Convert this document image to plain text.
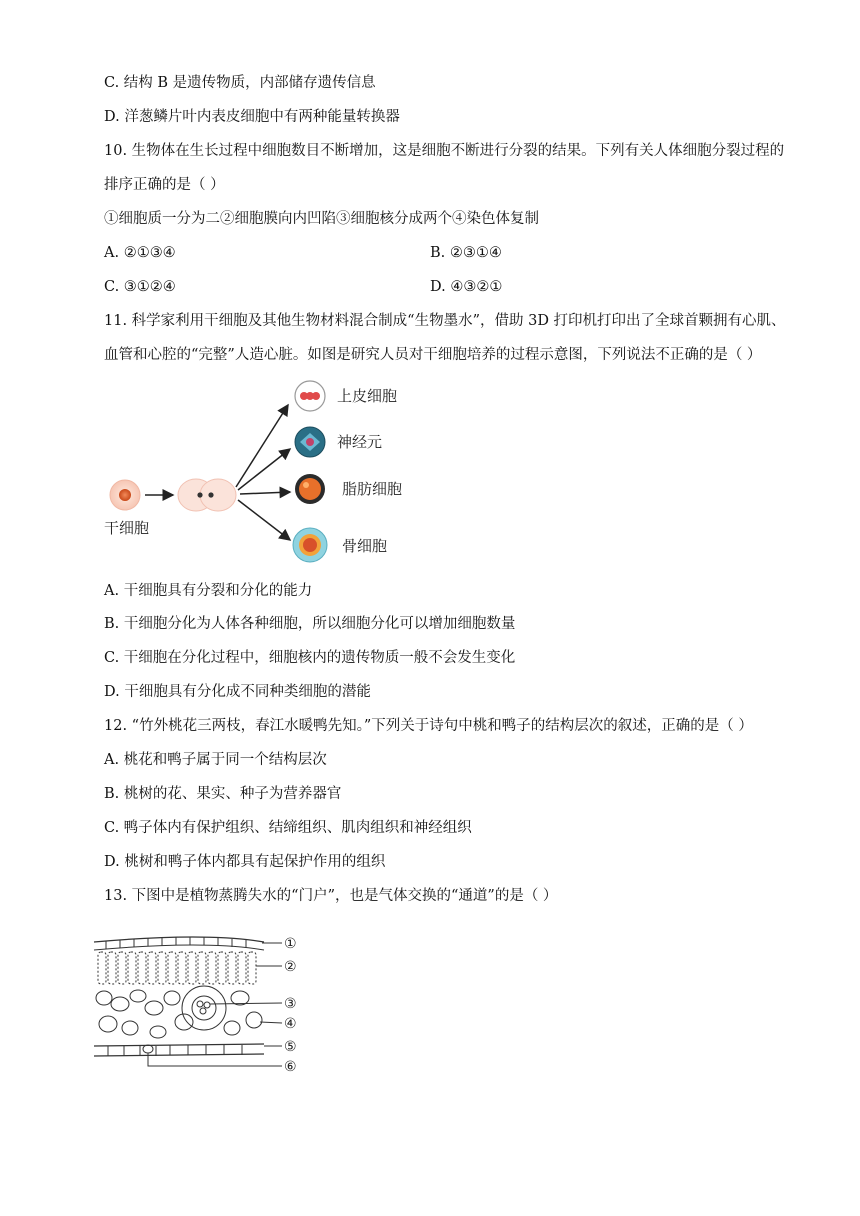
C. 结构 B 是遗传物质，内部储存遗传信息
D. 洋葱鳞片叶内表皮细胞中有两种能量转换器
10. 生物体在生长过程中细胞数目不断增加，这是细胞不断进行分裂的结果。下列有关人体细胞分裂过程的
排序正确的是（ ）
①细胞质一分为二②细胞膜向内凹陷③细胞核分成两个④染色体复制
A. ②①③④	B. ②③①④
C. ③①②④	D. ④③②①
11. 科学家利用干细胞及其他生物材料混合制成“生物墨水”，借助 3D 打印机打印出了全球首颗拥有心肌、
血管和心腔的“完整”人造心脏。如图是研究人员对干细胞培养的过程示意图，下列说法不正确的是（ ）
上皮细胞
神经元
脂肪细胞
骨细胞
干细胞
A. 干细胞具有分裂和分化的能力
B. 干细胞分化为人体各种细胞，所以细胞分化可以增加细胞数量
C. 干细胞在分化过程中，细胞核内的遗传物质一般不会发生变化
D. 干细胞具有分化成不同种类细胞的潜能
12. “竹外桃花三两枝，春江水暖鸭先知。”下列关于诗句中桃和鸭子的结构层次的叙述，正确的是（ ）
A. 桃花和鸭子属于同一个结构层次
B. 桃树的花、果实、种子为营养器官
C. 鸭子体内有保护组织、结缔组织、肌肉组织和神经组织
D. 桃树和鸭子体内都具有起保护作用的组织
13. 下图中是植物蒸腾失水的“门户”，也是气体交换的“通道”的是（ ）
①
②
③
④
⑤
⑥
